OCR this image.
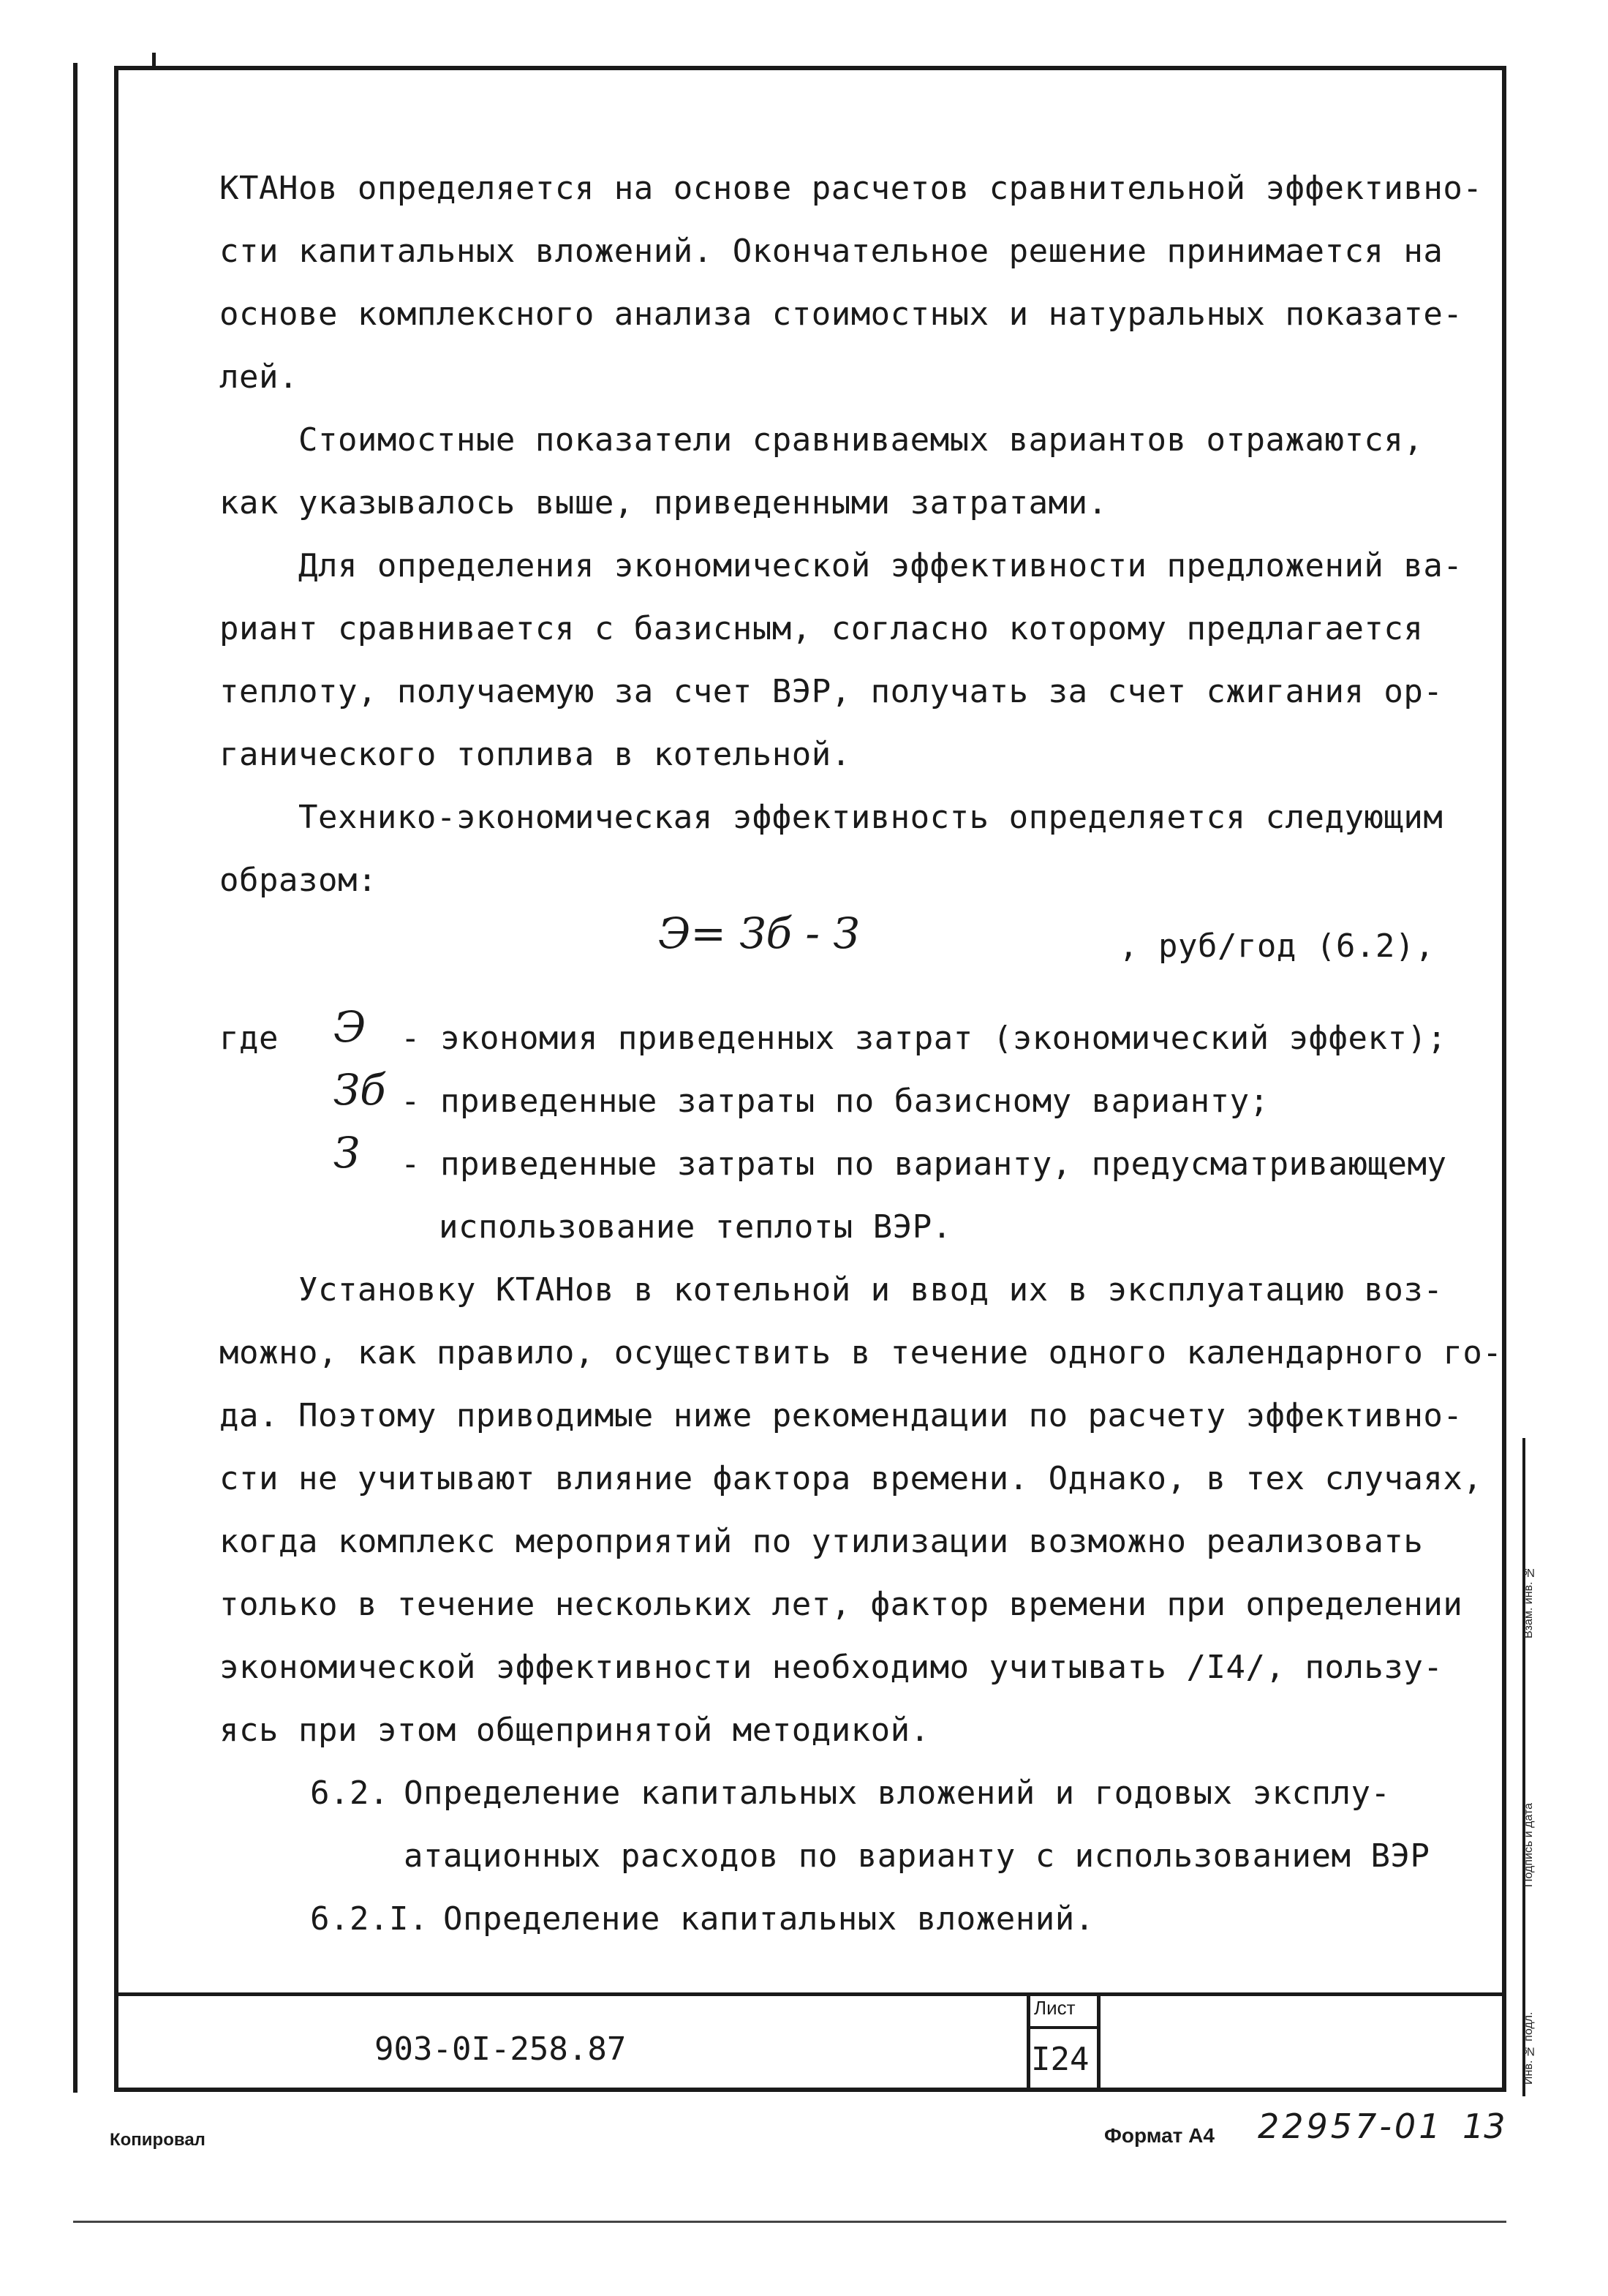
КТАНов определяется на основе расчетов сравнительной эффективно-
сти капитальных вложений. Окончательное решение принимается на
основе комплексного анализа стоимостных и натуральных показате-
лей.
Стоимостные показатели сравниваемых вариантов отражаются,
как указывалось выше, приведенными затратами.
Для определения экономической эффективности предложений ва-
риант сравнивается с базисным, согласно которому предлагается
теплоту, получаемую за счет ВЭР, получать за счет сжигания ор-
ганического топлива в котельной.
Технико-экономическая эффективность определяется следующим
образом:
Э= Зб - З	, руб/год (6.2),
где Э - экономия приведенных затрат (экономический эффект);
Зб - приведенные затраты по базисному варианту;
З - приведенные затраты по варианту, предусматривающему
использование теплоты ВЭР.
Установку КТАНов в котельной и ввод их в эксплуатацию воз-
можно, как правило, осуществить в течение одного календарного го-
да. Поэтому приводимые ниже рекомендации по расчету эффективно-
сти не учитывают влияние фактора времени. Однако, в тех случаях,
когда комплекс мероприятий по утилизации возможно реализовать
только в течение нескольких лет, фактор времени при определении
экономической эффективности необходимо учитывать /I4/, пользу-
ясь при этом общепринятой методикой.
6.2. Определение капитальных вложений и годовых эксплу-
атационных расходов по варианту с использованием ВЭР
6.2.I. Определение капитальных вложений.
903-0I-258.87
Лист
I24
Копировал	Формат А4 22957-01 13
Инв. № подл.
Подпись и дата
Взам. инв. №
